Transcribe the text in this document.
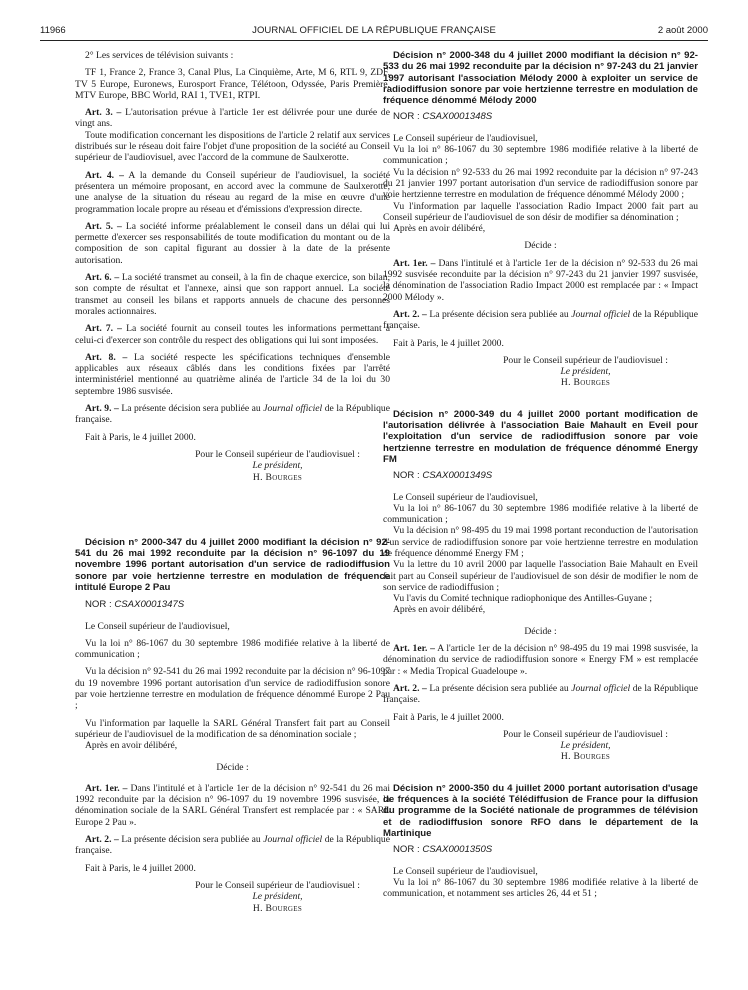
11966	JOURNAL OFFICIEL DE LA RÉPUBLIQUE FRANÇAISE	2 août 2000

2° Les services de télévision suivants :

TF 1, France 2, France 3, Canal Plus, La Cinquième, Arte, M 6, RTL 9, ZDF, TV 5 Europe, Euronews, Eurosport France, Télétoon, Odyssée, Paris Première, MTV Europe, BBC World, RAI 1, TVE1, RTPI.

Art. 3. – L'autorisation prévue à l'article 1er est délivrée pour une durée de vingt ans.

Toute modification concernant les dispositions de l'article 2 relatif aux services distribués sur le réseau doit faire l'objet d'une proposition de la société au Conseil supérieur de l'audiovisuel, avec l'accord de la commune de Saulxerotte.

Art. 4. – A la demande du Conseil supérieur de l'audiovisuel, la société présentera un mémoire proposant, en accord avec la commune de Saulxerotte, une analyse de la situation du réseau au regard de la mise en œuvre d'une programmation locale propre au réseau et d'émissions d'expression directe.

Art. 5. – La société informe préalablement le conseil dans un délai qui lui permette d'exercer ses responsabilités de toute modification du montant ou de la composition de son capital figurant au dossier à la date de la présente autorisation.

Art. 6. – La société transmet au conseil, à la fin de chaque exercice, son bilan, son compte de résultat et l'annexe, ainsi que son rapport annuel. La société transmet au conseil les bilans et rapports annuels de chacune des personnes morales actionnaires.

Art. 7. – La société fournit au conseil toutes les informations permettant à celui-ci d'exercer son contrôle du respect des obligations qui lui sont imposées.

Art. 8. – La société respecte les spécifications techniques d'ensemble applicables aux réseaux câblés dans les conditions fixées par l'arrêté interministériel mentionné au quatrième alinéa de l'article 34 de la loi du 30 septembre 1986 susvisée.

Art. 9. – La présente décision sera publiée au Journal officiel de la République française.

Fait à Paris, le 4 juillet 2000.

Pour le Conseil supérieur de l'audiovisuel :
Le président,
H. Bourges

Décision n° 2000-347 du 4 juillet 2000 modifiant la décision n° 92-541 du 26 mai 1992 reconduite par la décision n° 96-1097 du 19 novembre 1996 portant autorisation d'un service de radiodiffusion sonore par voie hertzienne terrestre en modulation de fréquence intitulé Europe 2 Pau

NOR : CSAX0001347S

Le Conseil supérieur de l'audiovisuel,

Vu la loi n° 86-1067 du 30 septembre 1986 modifiée relative à la liberté de communication ;

Vu la décision n° 92-541 du 26 mai 1992 reconduite par la décision n° 96-1097 du 19 novembre 1996 portant autorisation d'un service de radiodiffusion sonore par voie hertzienne terrestre en modulation de fréquence dénommé Europe 2 Pau ;

Vu l'information par laquelle la SARL Général Transfert fait part au Conseil supérieur de l'audiovisuel de la modification de sa dénomination sociale ;

Après en avoir délibéré,

Décide :

Art. 1er. – Dans l'intitulé et à l'article 1er de la décision n° 92-541 du 26 mai 1992 reconduite par la décision n° 96-1097 du 19 novembre 1996 susvisée, la dénomination sociale de la SARL Général Transfert est remplacée par : « SARL Europe 2 Pau ».

Art. 2. – La présente décision sera publiée au Journal officiel de la République française.

Fait à Paris, le 4 juillet 2000.

Pour le Conseil supérieur de l'audiovisuel :
Le président,
H. Bourges

Décision n° 2000-348 du 4 juillet 2000 modifiant la décision n° 92-533 du 26 mai 1992 reconduite par la décision n° 97-243 du 21 janvier 1997 autorisant l'association Mélody 2000 à exploiter un service de radiodiffusion sonore par voie hertzienne terrestre en modulation de fréquence dénommé Mélody 2000

NOR : CSAX0001348S

Le Conseil supérieur de l'audiovisuel,

Vu la loi n° 86-1067 du 30 septembre 1986 modifiée relative à la liberté de communication ;

Vu la décision n° 92-533 du 26 mai 1992 reconduite par la décision n° 97-243 du 21 janvier 1997 portant autorisation d'un service de radiodiffusion sonore par voie hertzienne terrestre en modulation de fréquence dénommé Mélody 2000 ;

Vu l'information par laquelle l'association Radio Impact 2000 fait part au Conseil supérieur de l'audiovisuel de son désir de modifier sa dénomination ;

Après en avoir délibéré,

Décide :

Art. 1er. – Dans l'intitulé et à l'article 1er de la décision n° 92-533 du 26 mai 1992 susvisée reconduite par la décision n° 97-243 du 21 janvier 1997 susvisée, la dénomination de l'association Radio Impact 2000 est remplacée par : « Impact 2000 Mélody ».

Art. 2. – La présente décision sera publiée au Journal officiel de la République française.

Fait à Paris, le 4 juillet 2000.

Pour le Conseil supérieur de l'audiovisuel :
Le président,
H. Bourges

Décision n° 2000-349 du 4 juillet 2000 portant modification de l'autorisation délivrée à l'association Baie Mahault en Eveil pour l'exploitation d'un service de radiodiffusion sonore par voie hertzienne terrestre en modulation de fréquence dénommé Energy FM

NOR : CSAX0001349S

Le Conseil supérieur de l'audiovisuel,

Vu la loi n° 86-1067 du 30 septembre 1986 modifiée relative à la liberté de communication ;

Vu la décision n° 98-495 du 19 mai 1998 portant reconduction de l'autorisation d'un service de radiodiffusion sonore par voie hertzienne terrestre en modulation de fréquence dénommé Energy FM ;

Vu la lettre du 10 avril 2000 par laquelle l'association Baie Mahault en Eveil fait part au Conseil supérieur de l'audiovisuel de son désir de modifier le nom de son service de radiodiffusion ;

Vu l'avis du Comité technique radiophonique des Antilles-Guyane ;

Après en avoir délibéré,

Décide :

Art. 1er. – A l'article 1er de la décision n° 98-495 du 19 mai 1998 susvisée, la dénomination du service de radiodiffusion sonore « Energy FM » est remplacée par : « Media Tropical Guadeloupe ».

Art. 2. – La présente décision sera publiée au Journal officiel de la République française.

Fait à Paris, le 4 juillet 2000.

Pour le Conseil supérieur de l'audiovisuel :
Le président,
H. Bourges

Décision n° 2000-350 du 4 juillet 2000 portant autorisation d'usage de fréquences à la société Télédiffusion de France pour la diffusion du programme de la Société nationale de programmes de télévision et de radiodiffusion sonore RFO dans le département de la Martinique

NOR : CSAX0001350S

Le Conseil supérieur de l'audiovisuel,

Vu la loi n° 86-1067 du 30 septembre 1986 modifiée relative à la liberté de communication, et notamment ses articles 26, 44 et 51 ;
